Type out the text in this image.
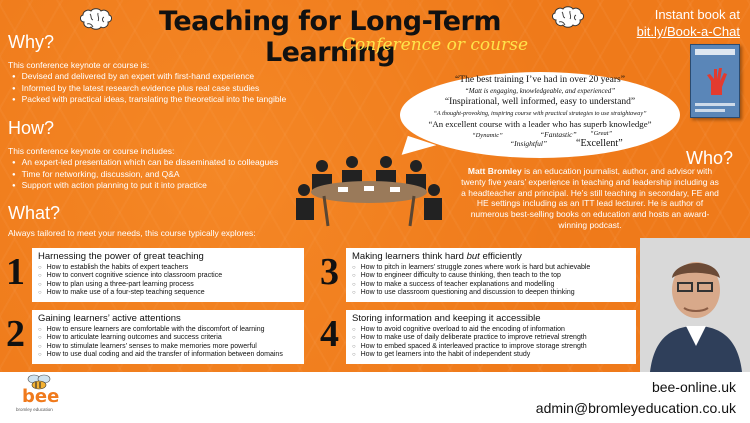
Teaching for Long-Term Learning
Conference or course
Instant book at
bit.ly/Book-a-Chat
Why?
This conference keynote or course is:
● Devised and delivered by an expert with first-hand experience
● Informed by the latest research evidence plus real case studies
● Packed with practical ideas, translating the theoretical into the tangible
How?
This conference keynote or course includes:
● An expert-led presentation which can be disseminated to colleagues
● Time for networking, discussion, and Q&A
● Support with action planning to put it into practice
What?
Always tailored to meet your needs, this course typically explores:
“The best training I’ve had in over 20 years”
“Matt is engaging, knowledgeable, and experienced”
“Inspirational, well informed, easy to understand”
“A thought-provoking, inspiring course with practical strategies to use straightaway”
“An excellent course with a leader who has superb knowledge”
“Dynamic”	“Fantastic” “Great”
“Insightful”	“Excellent”
Who?
Matt Bromley is an education journalist, author, and advisor with twenty five years’ experience in teaching and leadership including as a headteacher and principal. He’s still teaching in secondary, FE and HE settings including as an ITT lead lecturer. He is author of numerous best-selling books on education and hosts an award-winning podcast.
1 Harnessing the power of great teaching
○ How to establish the habits of expert teachers
○ How to convert cognitive science into classroom practice
○ How to plan using a three-part learning process
○ How to make use of a four-step teaching sequence
2 Gaining learners’ active attentions
○ How to ensure learners are comfortable with the discomfort of learning
○ How to articulate learning outcomes and success criteria
○ How to stimulate learners’ senses to make memories more powerful
○ How to use dual coding and aid the transfer of information between domains
3 Making learners think hard but efficiently
○ How to pitch in learners’ struggle zones where work is hard but achievable
○ How to engineer difficulty to cause thinking, then teach to the top
○ How to make a success of teacher explanations and modelling
○ How to use classroom questioning and discussion to deepen thinking
4 Storing information and keeping it accessible
○ How to avoid cognitive overload to aid the encoding of information
○ How to make use of daily deliberate practice to improve retrieval strength
○ How to embed spaced & interleaved practice to improve storage strength
○ How to get learners into the habit of independent study
bee
bromley education
bee-online.uk
admin@bromleyeducation.co.uk
